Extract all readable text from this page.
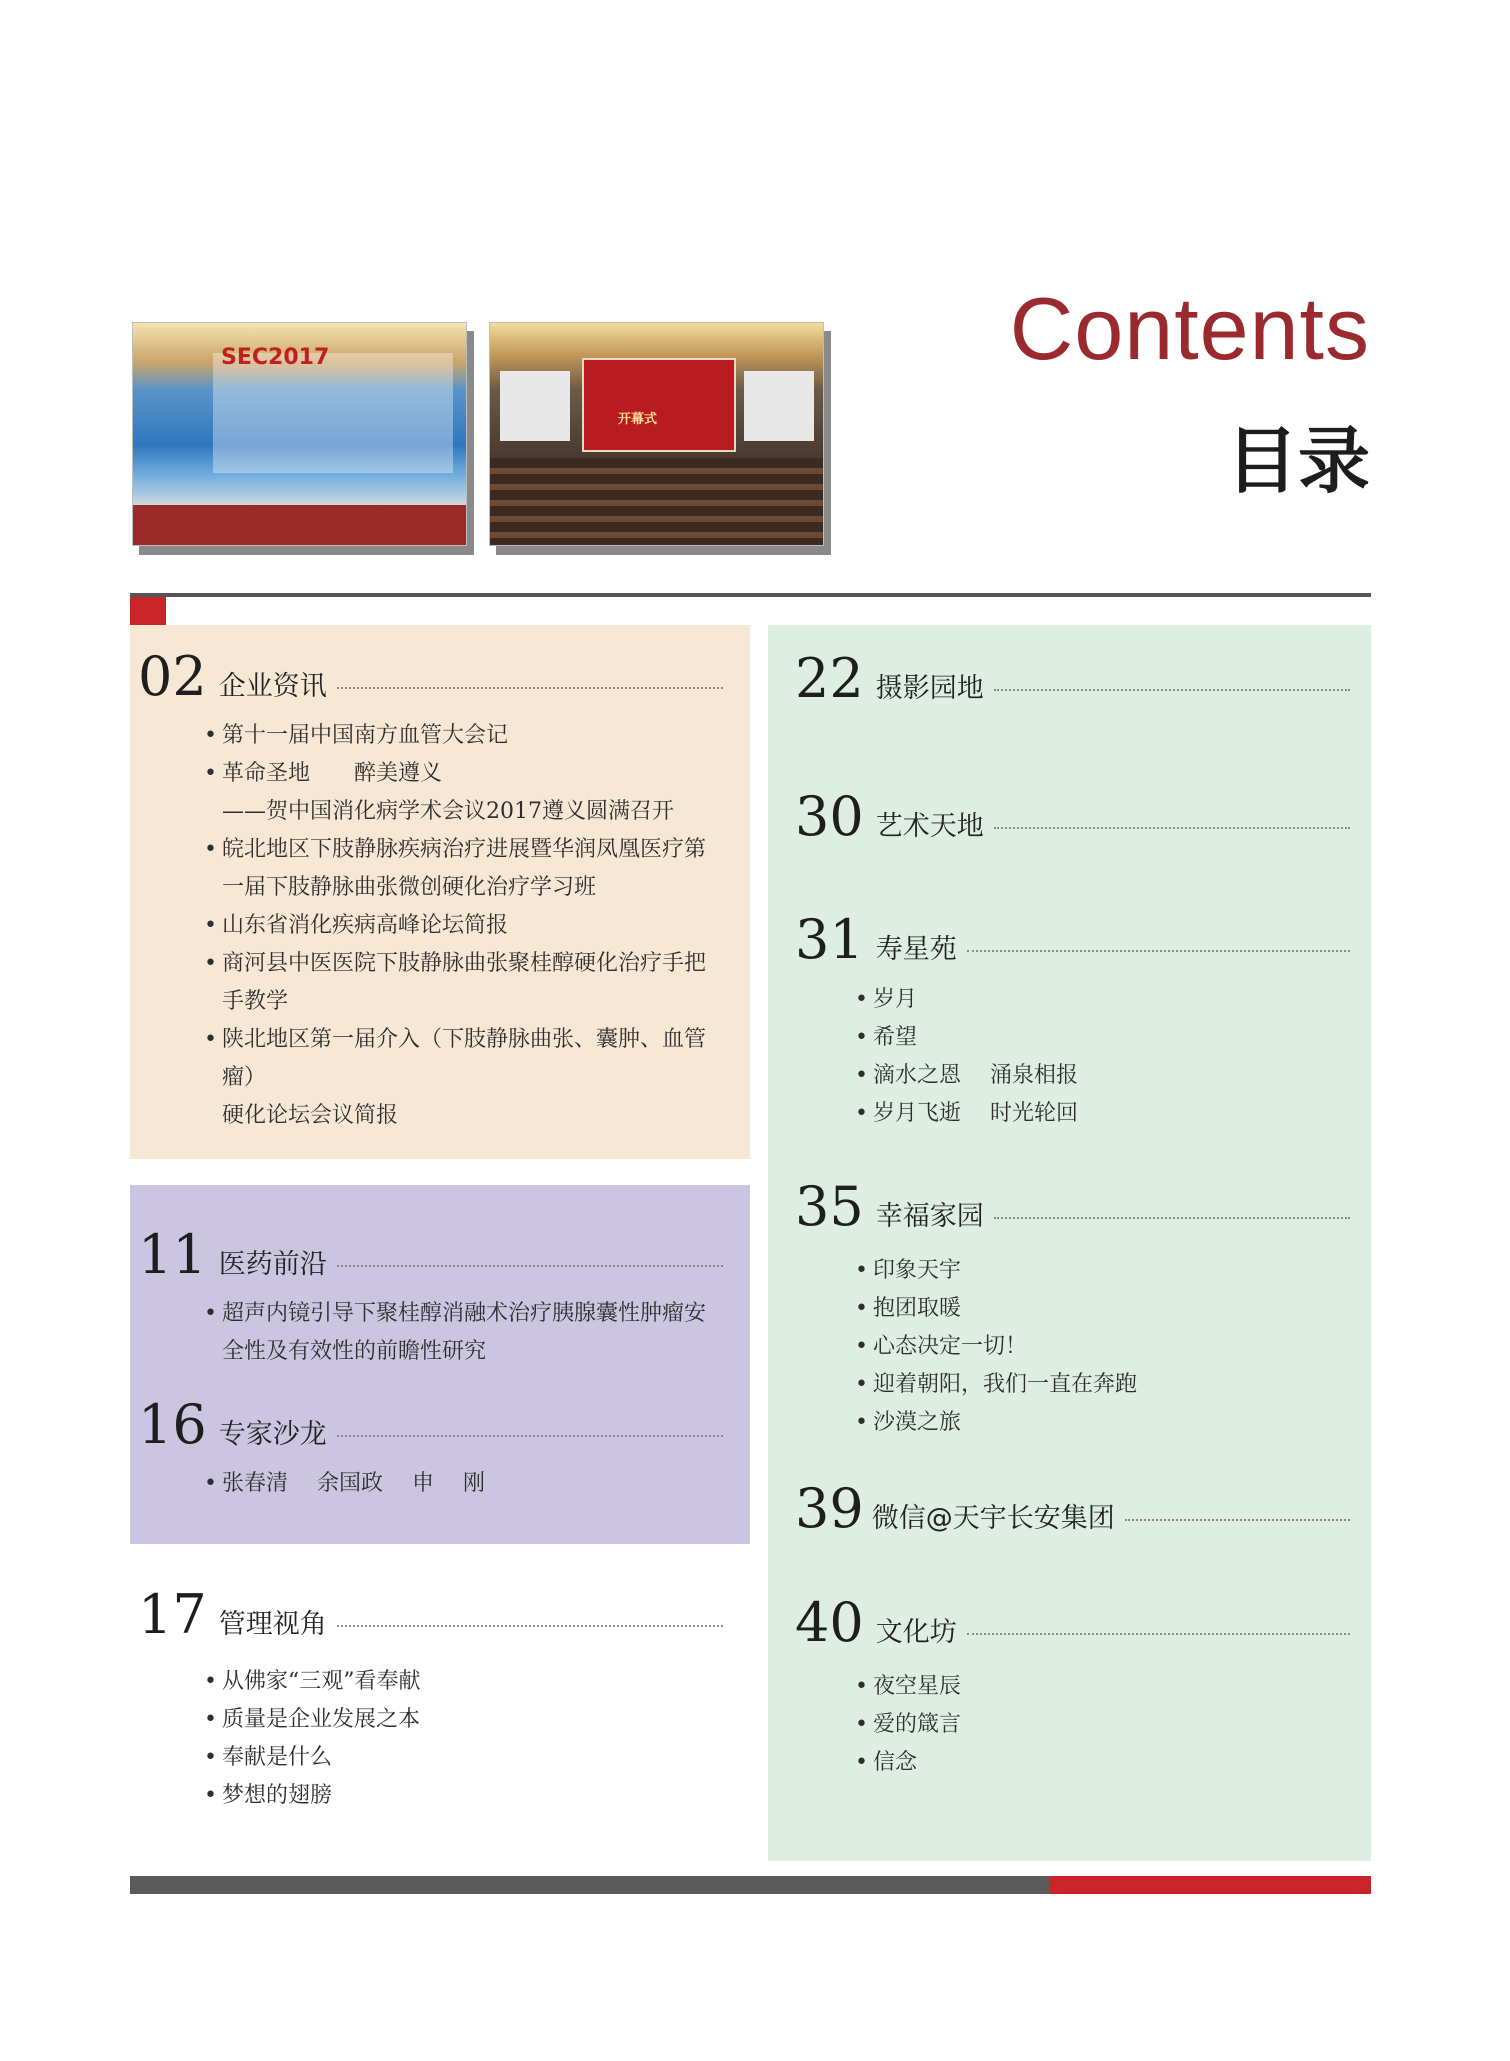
Contents
目录
SEC2017
开幕式
02 企业资讯
• 第十一届中国南方血管大会记
• 革命圣地　　醉美遵义
——贺中国消化病学术会议2017遵义圆满召开
• 皖北地区下肢静脉疾病治疗进展暨华润凤凰医疗第
一届下肢静脉曲张微创硬化治疗学习班
• 山东省消化疾病高峰论坛简报
• 商河县中医医院下肢静脉曲张聚桂醇硬化治疗手把
手教学
• 陕北地区第一届介入（下肢静脉曲张、囊肿、血管瘤）
硬化论坛会议简报
11 医药前沿
• 超声内镜引导下聚桂醇消融术治疗胰腺囊性肿瘤安
全性及有效性的前瞻性研究
16 专家沙龙
• 张春清　 余国政　 申　 刚
17 管理视角
• 从佛家“三观”看奉献
• 质量是企业发展之本
• 奉献是什么
• 梦想的翅膀
22 摄影园地
30 艺术天地
31 寿星苑
• 岁月
• 希望
• 滴水之恩　 涌泉相报
• 岁月飞逝　 时光轮回
35 幸福家园
• 印象天宇
• 抱团取暖
• 心态决定一切！
• 迎着朝阳，我们一直在奔跑
• 沙漠之旅
39 微信@天宇长安集团
40 文化坊
• 夜空星辰
• 爱的箴言
• 信念
